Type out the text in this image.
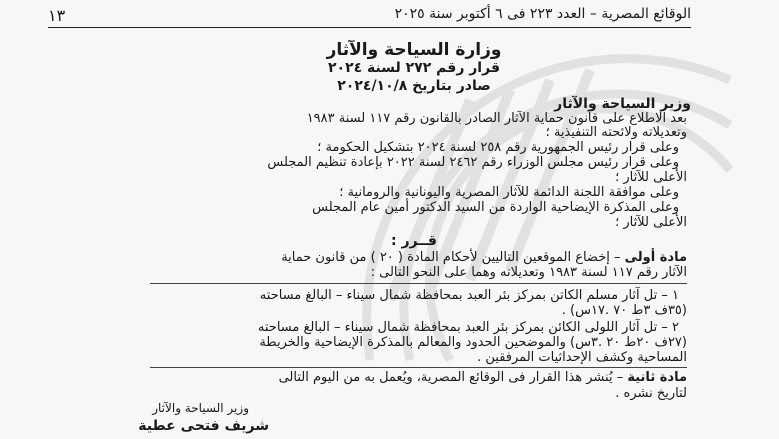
الوقائع المصرية – العدد ٢٢٣ فى ٦ أكتوبر سنة ٢٠٢٥
١٣
وزارة السياحة والآثار
قرار رقم ٢٧٢ لسنة ٢٠٢٤
صادر بتاريخ ٢٠٢٤/١٠/٨
وزير السياحة والآثار
بعد الاطلاع على قانون حماية الآثار الصادر بالقانون رقم ١١٧ لسنة ١٩٨٣
وتعديلاته ولائحته التنفيذية ؛
وعلى قرار رئيس الجمهورية رقم ٢٥٨ لسنة ٢٠٢٤ بتشكيل الحكومة ؛
وعلى قرار رئيس مجلس الوزراء رقم ٢٤٦٢ لسنة ٢٠٢٢ بإعادة تنظيم المجلس
الأعلى للآثار ؛
وعلى موافقة اللجنة الدائمة للآثار المصرية واليونانية والرومانية ؛
وعلى المذكرة الإيضاحية الواردة من السيد الدكتور أمين عام المجلس
الأعلى للآثار ؛
قــرر :
مادة أولى – إخضاع الموقعين التاليين لأحكام المادة ( ٢٠ ) من قانون حماية
الآثار رقم ١١٧ لسنة ١٩٨٣ وتعديلاته وهما على النحو التالى :
١ – تل آثار مسلم الكاتن بمركز بئر العبد بمحافظة شمال سيناء – البالغ مساحته
(٣٥ف ٣ط ٧٠ .١٧س) .
٢ – تل آثار اللولى الكائن بمركز بئر العبد بمحافظة شمال سيناء – البالغ مساحته
(٢٧ف ٢٠ط ٢٠ .٣س) والموضحين الحدود والمعالم بالمذكرة الإيضاحية والخريطة
المساحية وكشف الإحداثيات المرفقين .
مادة ثانية – يُنشر هذا القرار فى الوقائع المصرية، ويُعمل به من اليوم التالى
لتاريخ نشره .
وزير السياحة والآثار
شريف فتحى عطية
